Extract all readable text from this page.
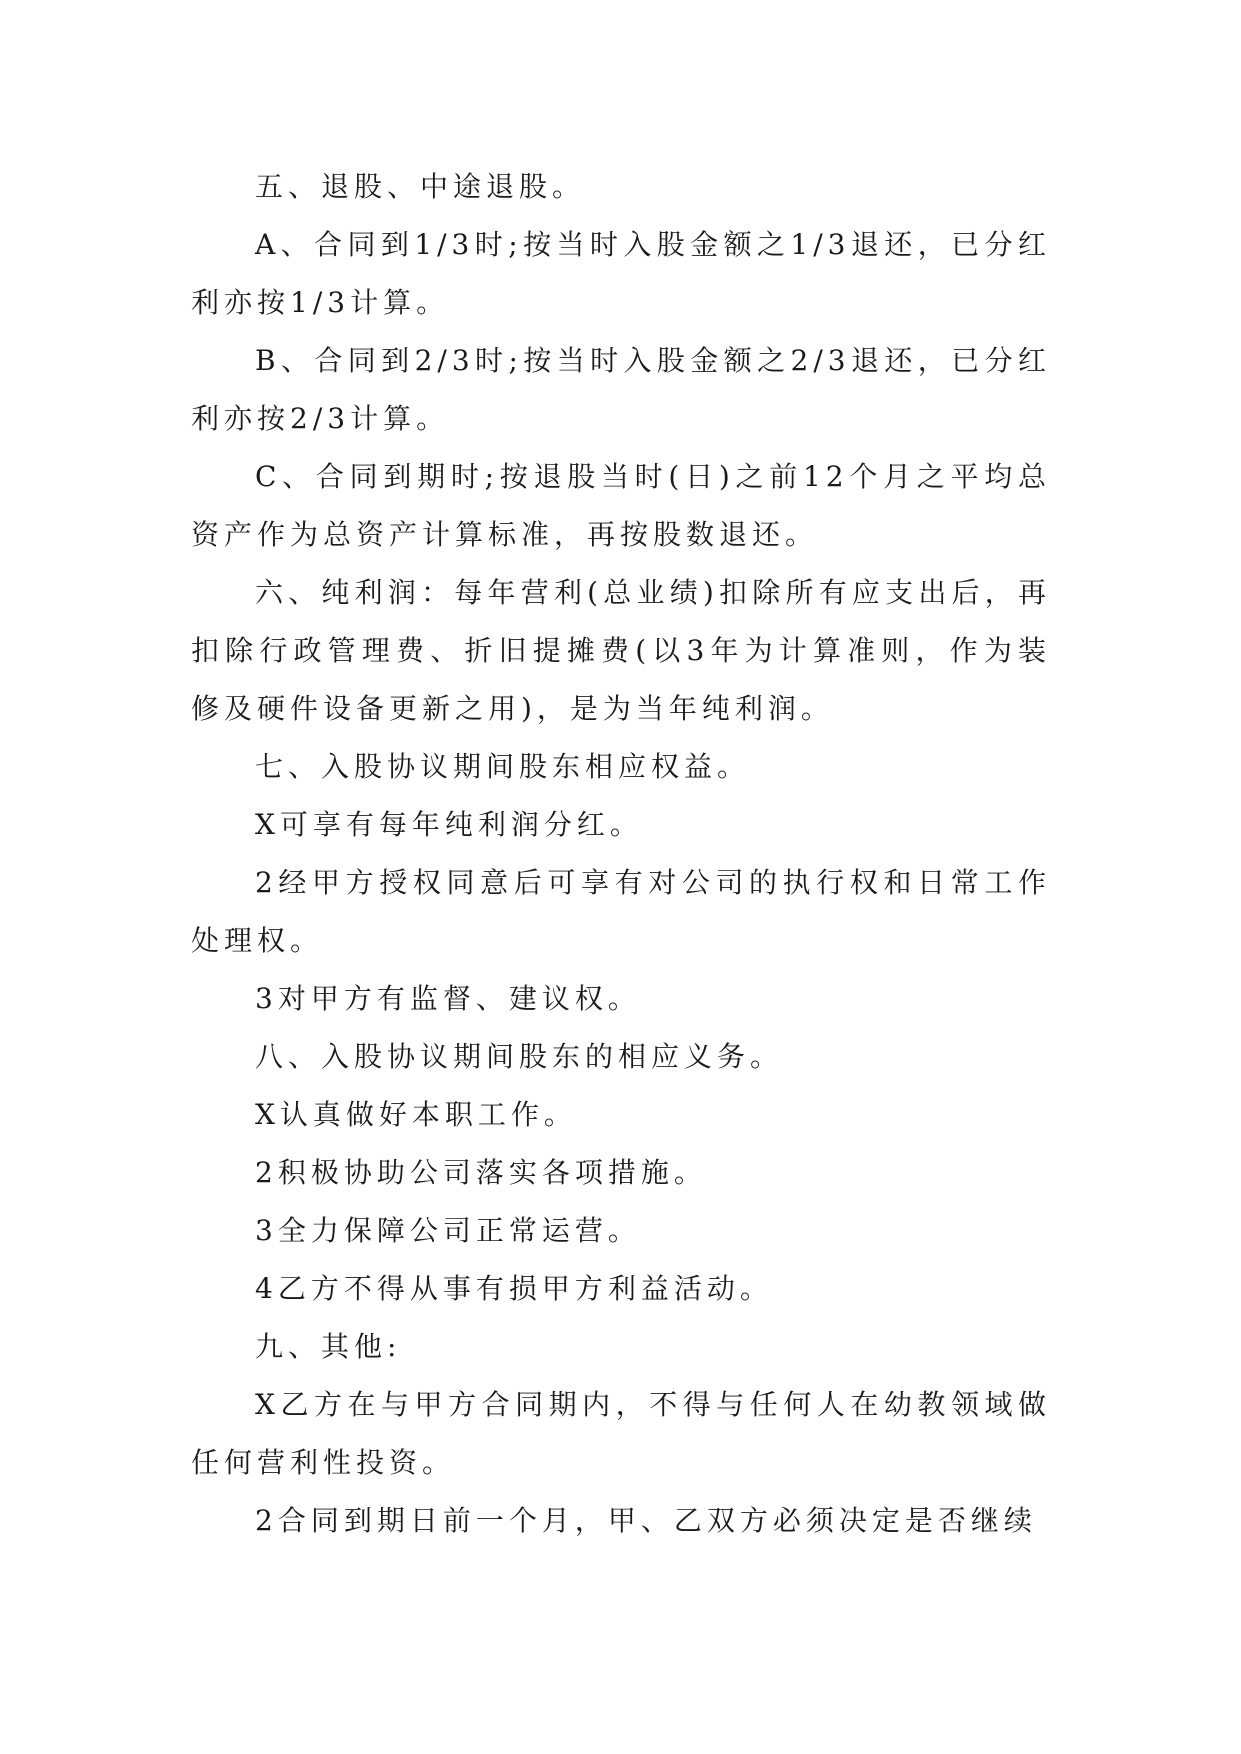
五、退股、中途退股。

A、合同到1/3时;按当时入股金额之1/3退还，已分红利亦按1/3计算。

B、合同到2/3时;按当时入股金额之2/3退还，已分红利亦按2/3计算。

C、合同到期时;按退股当时(日)之前12个月之平均总资产作为总资产计算标准，再按股数退还。

六、纯利润：每年营利(总业绩)扣除所有应支出后，再扣除行政管理费、折旧提摊费(以3年为计算准则，作为装修及硬件设备更新之用)，是为当年纯利润。

七、入股协议期间股东相应权益。

X可享有每年纯利润分红。

2经甲方授权同意后可享有对公司的执行权和日常工作处理权。

3对甲方有监督、建议权。

八、入股协议期间股东的相应义务。

X认真做好本职工作。

2积极协助公司落实各项措施。

3全力保障公司正常运营。

4乙方不得从事有损甲方利益活动。

九、其他:

X乙方在与甲方合同期内，不得与任何人在幼教领域做任何营利性投资。

2合同到期日前一个月，甲、乙双方必须决定是否继续
